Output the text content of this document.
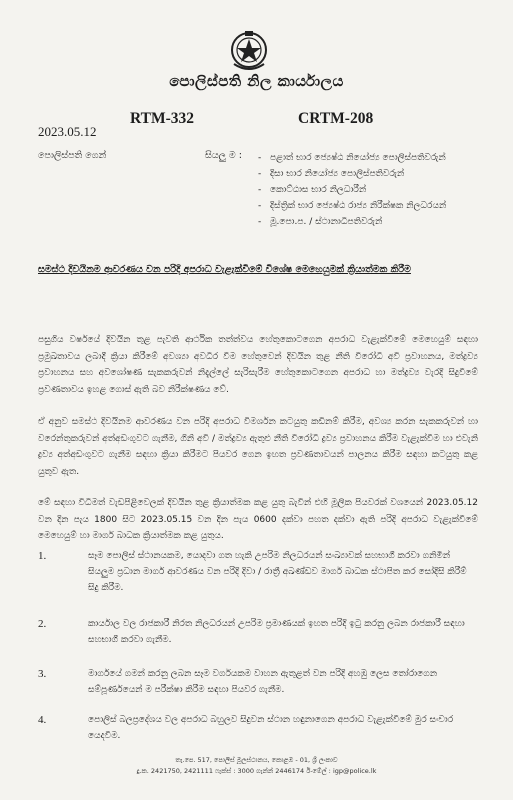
පොලිස්පති නිල කාර්යාලය
RTM-332	CRTM-208
2023.05.12
පොලිස්පති ගෙන්	සියලු ම : - පළාත් භාර ජ්‍යෙෂ්ඨ නියෝජ්‍ය පොලිස්පතිවරුන්
- දිසා භාර නියෝජ්‍ය පොලිස්පතිවරුන්
- කොට්ඨාස භාර නිලධාරීන්
- දිස්ත්‍රික් භාර ජ්‍යෙෂ්ඨ රාජ්‍ය නිරීක්ෂක නිලධරයන්
- මූ.පො.ප. / ස්ථානාධිපතිවරුන්
සමස්ථ දිවයිනම ආවරණය වන පරිදි අපරාධ වැළැක්වීමේ විශේෂ මෙහෙයුමක් ක්‍රියාත්මක කිරීම

පසුගිය වර්ෂයේ දිවයින තුළ පැවති ආර්ථික තත්ත්වය හේතුකොටගෙන අපරාධ වැළැක්වීමේ මෙහෙයුම් සඳහා ප්‍රමුඛතාවය ලබාදී ක්‍රියා කිරීමේ අවශ්‍යා අවධිර වීම හේතුවෙන් දිවයින තුළ නීති විරෝධී අවි ප්‍රවාහනය, මත්ද්‍රව්‍ය ප්‍රවාහනය සහ අවශෝෂණ සැකකරුවන් නිදැල්ලේ සැරිසැරීම හේතුකොටගෙන අපරාධ හා මත්ද්‍රව්‍ය වැරදි සිදුවීමේ ප්‍රවණතාවය ඉහළ ගොස් ඇති බව නිරීක්ෂණය වේ.

ඒ අනුව සමස්ථ දිවයිනම ආවරණය වන පරිදි අපරාධ විමර්ශන කටයුතු කඩිනම් කිරීම, අවශ්‍ය කරන සැකකරුවන් හා වරෙන්තුකරුවන් අත්අඩංගුවට ගැනීම, ගිනි අවි / මත්ද්‍රව්‍ය ඇතුළු නීති විරෝධී ද්‍රව්‍ය ප්‍රවාහනය කිරීම වැළැක්වීම හා එවැනි ද්‍රව්‍ය අත්අඩංගුවට ගැනීම සඳහා ක්‍රියා කිරීමට පියවර ගෙන ඉහත ප්‍රවණතාවයන් පාලනය කිරීම සඳහා කටයුතු කළ යුතුව ඇත.

මේ සඳහා විධිමත් වැඩපිළිවෙලක් දිවයින තුළ ක්‍රියාත්මක කළ යුතු බැවින් එහි මූලික පියවරක් වශයෙන් 2023.05.12 වන දින පැය 1800 සිට 2023.05.15 වන දින පැය 0600 දක්වා පහත දක්වා ඇති පරිදි අපරාධ වැළැක්වීමේ මෙහෙයුම් හා මාර්ග බාධක ක්‍රියාත්මක කළ යුතුය.

1.	සෑම පොලිස් ස්ථානයකම, යොදවා ගත හැකි උපරිම නිලධරයන් සංඛ්‍යාවක් සහභාගී කරවා ගනිමින් සියලුම ප්‍රධාන මාර්ග ආවරණය වන පරිදි දිවා / රාත්‍රී අඛණ්ඩව මාර්ග බාධක ස්ථාපිත කර සෝදිසි කිරීම් සිදු කිරීම.
2.	කාර්යාල වල රාජකාරී නිරත නිලධරයන් උපරිම ප්‍රමාණයක් ඉහත පරිදි ඉටු කරනු ලබන රාජකාරී සඳහා සහභාගී කරවා ගැනීම.
3.	මාර්ගයේ ගමන් කරනු ලබන සෑම වර්ගයකම වාහන ඇතුළත් වන පරිදි අහඹු ලෙස තෝරාගෙන සම්පූර්ණයෙන් ම පරීක්ෂා කිරීම සඳහා පියවර ගැනීම.
4.	පොලිස් බලප්‍රදේශය වල අපරාධ බහුලව සිදුවන ස්ථාන හඳුනාගෙන අපරාධ වැළැක්වීමේ මුර සංචාර යෙදවීම.
තැ.පෙ. 517, පොලිස් මූලස්ථානය, කොළඹ - 01, ශ්‍රී ලංකාව
දු.ක. 2421750, 2421111 ෆැක්ස් : 3000 ගැන්න් 2446174 ඊ-මේල් : igp@police.lk
